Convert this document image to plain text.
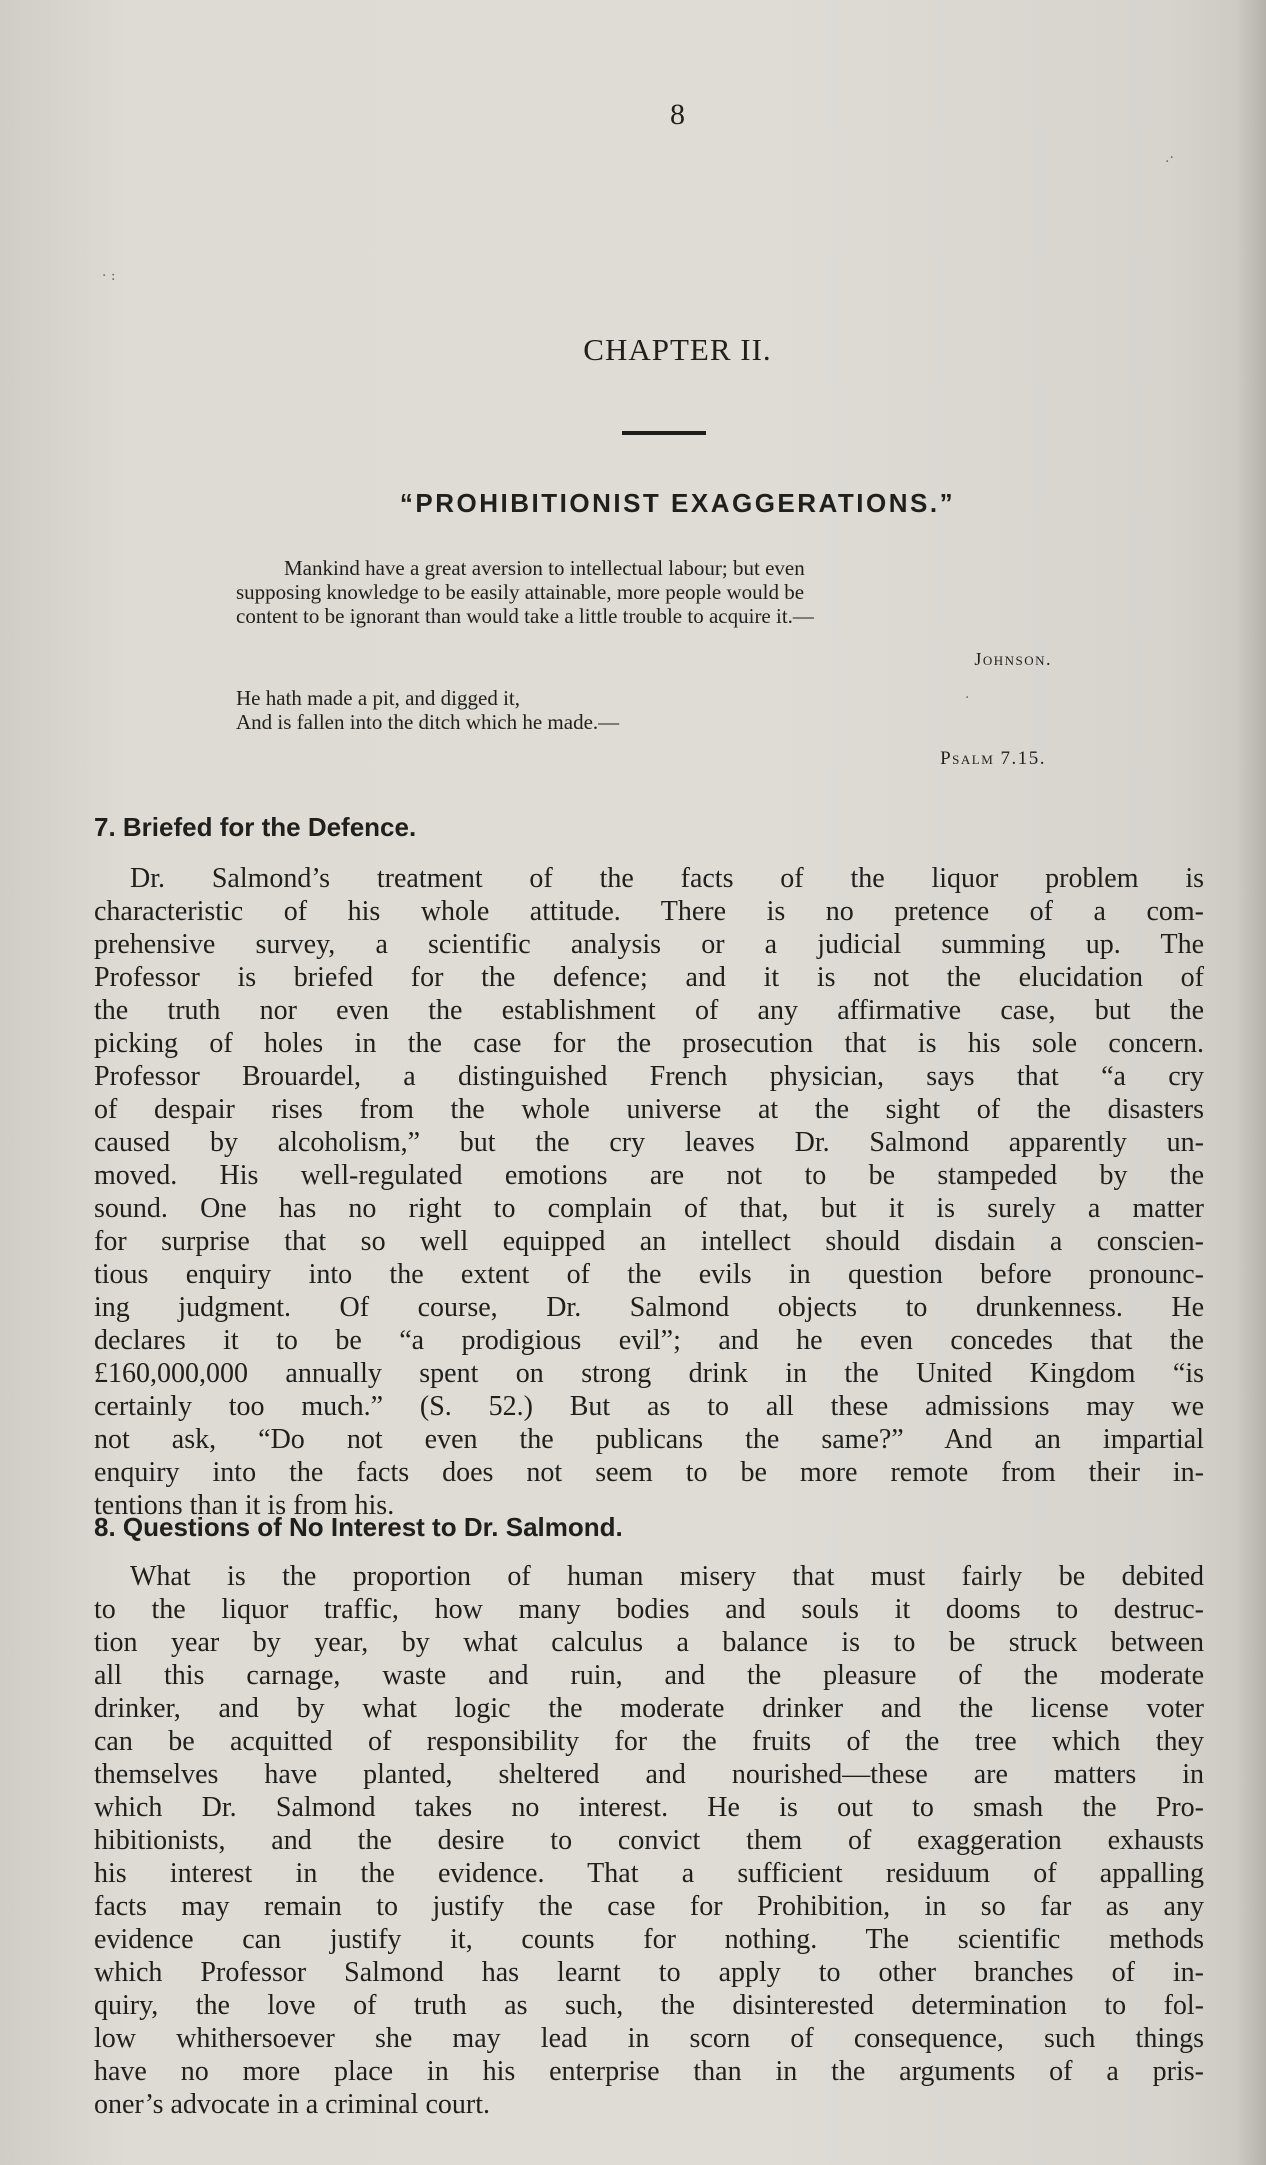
8
CHAPTER II.
“PROHIBITIONIST EXAGGERATIONS.”
Mankind have a great aversion to intellectual labour; but even
supposing knowledge to be easily attainable, more people would be
content to be ignorant than would take a little trouble to acquire it.—
Johnson.
He hath made a pit, and digged it,
And is fallen into the ditch which he made.—
Psalm 7.15.
7. Briefed for the Defence.
Dr. Salmond’s treatment of the facts of the liquor problem is
characteristic of his whole attitude. There is no pretence of a com-
prehensive survey, a scientific analysis or a judicial summing up. The
Professor is briefed for the defence; and it is not the elucidation of
the truth nor even the establishment of any affirmative case, but the
picking of holes in the case for the prosecution that is his sole concern.
Professor Brouardel, a distinguished French physician, says that “a cry
of despair rises from the whole universe at the sight of the disasters
caused by alcoholism,” but the cry leaves Dr. Salmond apparently un-
moved. His well-regulated emotions are not to be stampeded by the
sound. One has no right to complain of that, but it is surely a matter
for surprise that so well equipped an intellect should disdain a conscien-
tious enquiry into the extent of the evils in question before pronounc-
ing judgment. Of course, Dr. Salmond objects to drunkenness. He
declares it to be “a prodigious evil”; and he even concedes that the
£160,000,000 annually spent on strong drink in the United Kingdom “is
certainly too much.” (S. 52.) But as to all these admissions may we
not ask, “Do not even the publicans the same?” And an impartial
enquiry into the facts does not seem to be more remote from their in-
tentions than it is from his.
8. Questions of No Interest to Dr. Salmond.
What is the proportion of human misery that must fairly be debited
to the liquor traffic, how many bodies and souls it dooms to destruc-
tion year by year, by what calculus a balance is to be struck between
all this carnage, waste and ruin, and the pleasure of the moderate
drinker, and by what logic the moderate drinker and the license voter
can be acquitted of responsibility for the fruits of the tree which they
themselves have planted, sheltered and nourished—these are matters in
which Dr. Salmond takes no interest. He is out to smash the Pro-
hibitionists, and the desire to convict them of exaggeration exhausts
his interest in the evidence. That a sufficient residuum of appalling
facts may remain to justify the case for Prohibition, in so far as any
evidence can justify it, counts for nothing. The scientific methods
which Professor Salmond has learnt to apply to other branches of in-
quiry, the love of truth as such, the disinterested determination to fol-
low whithersoever she may lead in scorn of consequence, such things
have no more place in his enterprise than in the arguments of a pris-
oner’s advocate in a criminal court.
.·
· :
·
